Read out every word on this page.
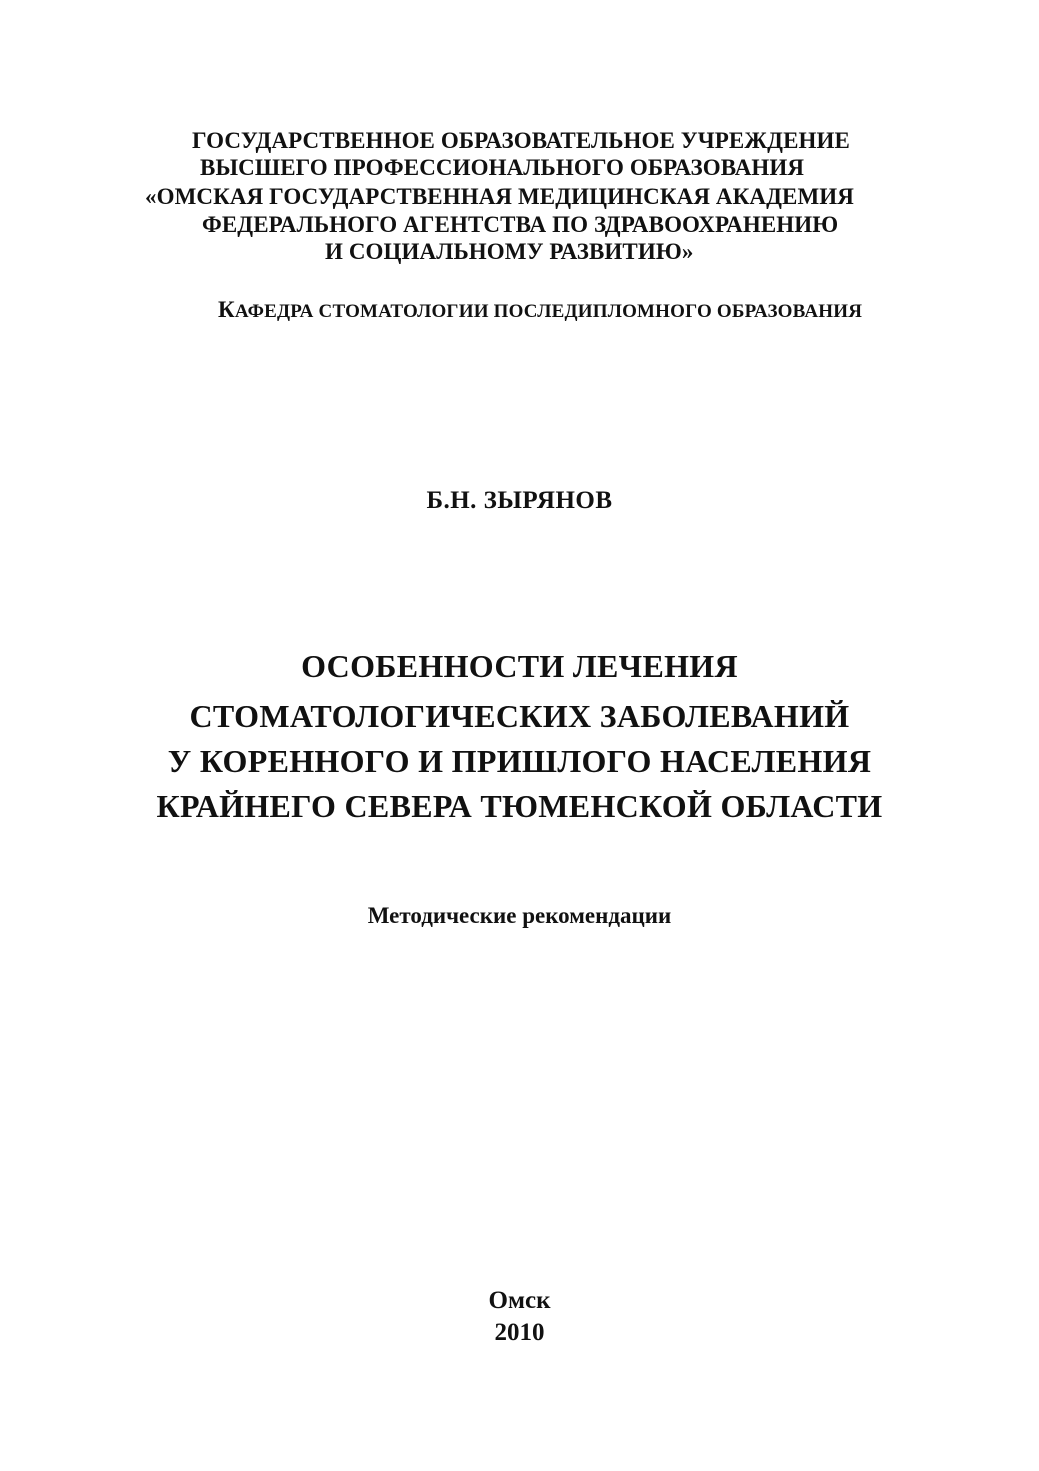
ГОСУДАРСТВЕННОЕ ОБРАЗОВАТЕЛЬНОЕ УЧРЕЖДЕНИЕ
ВЫСШЕГО ПРОФЕССИОНАЛЬНОГО ОБРАЗОВАНИЯ
«ОМСКАЯ ГОСУДАРСТВЕННАЯ МЕДИЦИНСКАЯ АКАДЕМИЯ
ФЕДЕРАЛЬНОГО АГЕНТСТВА ПО ЗДРАВООХРАНЕНИЮ
И СОЦИАЛЬНОМУ РАЗВИТИЮ»
КАФЕДРА СТОМАТОЛОГИИ ПОСЛЕДИПЛОМНОГО ОБРАЗОВАНИЯ
Б.Н. ЗЫРЯНОВ
ОСОБЕННОСТИ ЛЕЧЕНИЯ
СТОМАТОЛОГИЧЕСКИХ ЗАБОЛЕВАНИЙ
У КОРЕННОГО И ПРИШЛОГО НАСЕЛЕНИЯ
КРАЙНЕГО СЕВЕРА ТЮМЕНСКОЙ ОБЛАСТИ
Методические рекомендации
Омск
2010
